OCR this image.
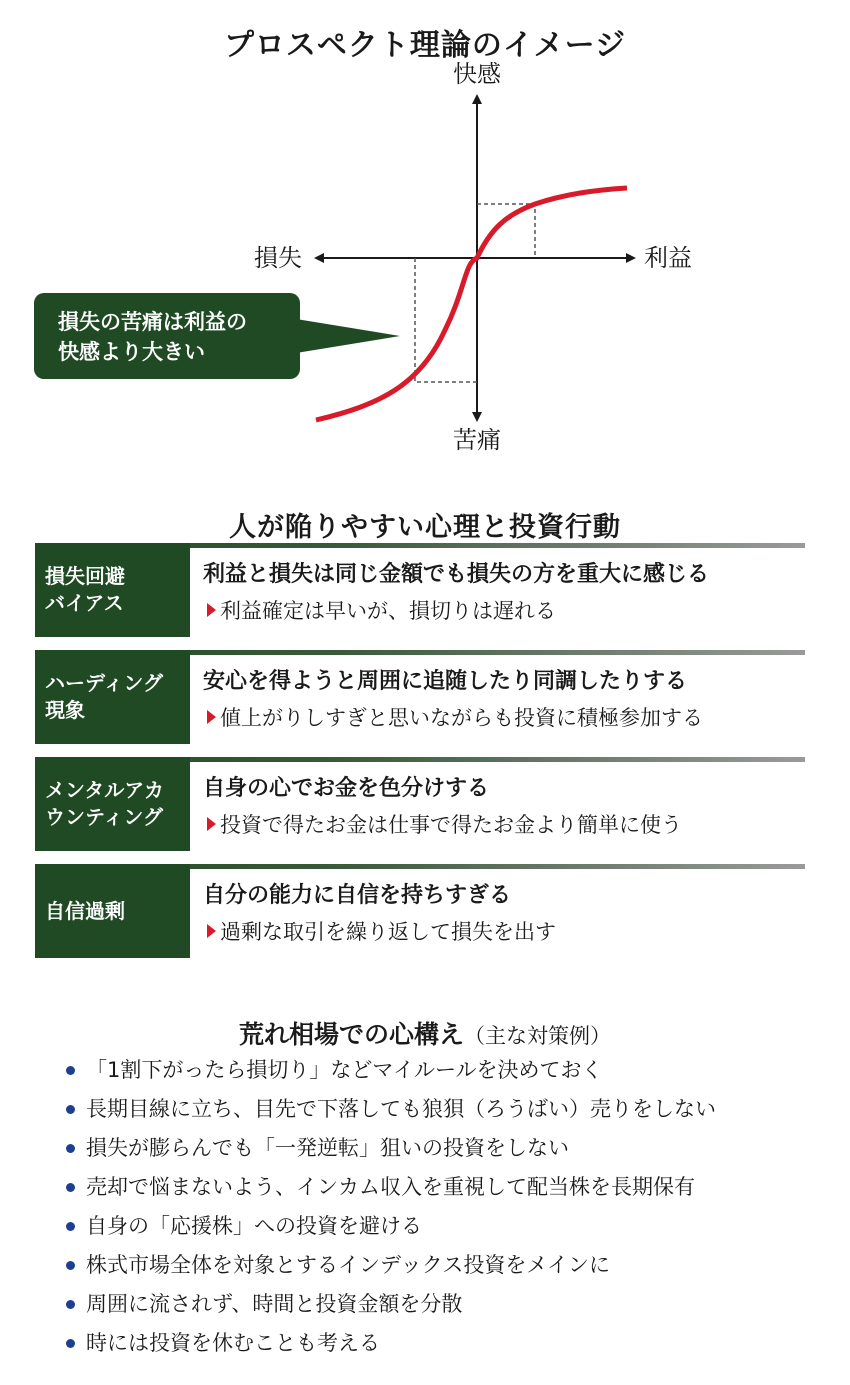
プロスペクト理論のイメージ
快感
苦痛
損失	利益
損失の苦痛は利益の
快感より大きい
人が陥りやすい心理と投資行動
損失回避
バイアス
利益と損失は同じ金額でも損失の方を重大に感じる
利益確定は早いが、損切りは遅れる
ハーディング
現象
安心を得ようと周囲に追随したり同調したりする
値上がりしすぎと思いながらも投資に積極参加する
メンタルアカ
ウンティング
自身の心でお金を色分けする
投資で得たお金は仕事で得たお金より簡単に使う
自信過剰
自分の能力に自信を持ちすぎる
過剰な取引を繰り返して損失を出す
荒れ相場での心構え（主な対策例）
「1割下がったら損切り」などマイルールを決めておく
長期目線に立ち、目先で下落しても狼狽（ろうばい）売りをしない
損失が膨らんでも「一発逆転」狙いの投資をしない
売却で悩まないよう、インカム収入を重視して配当株を長期保有
自身の「応援株」への投資を避ける
株式市場全体を対象とするインデックス投資をメインに
周囲に流されず、時間と投資金額を分散
時には投資を休むことも考える
